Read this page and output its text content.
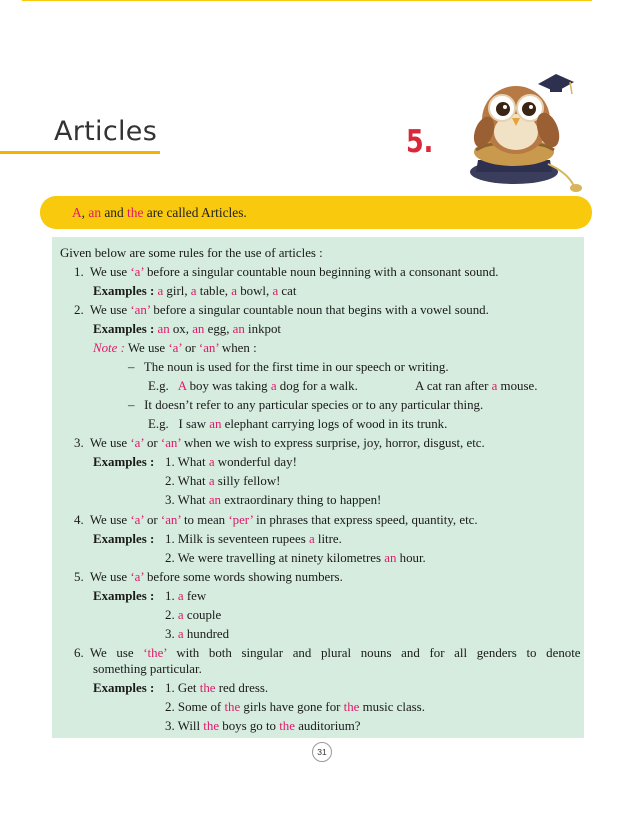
Articles	5.
A, an and the are called Articles.
Given below are some rules for the use of articles :
1. We use ‘a’ before a singular countable noun beginning with a consonant sound.
Examples : a girl, a table, a bowl, a cat
2. We use ‘an’ before a singular countable noun that begins with a vowel sound.
Examples : an ox, an egg, an inkpot
Note : We use ‘a’ or ‘an’ when :
– The noun is used for the first time in our speech or writing.
E.g. A boy was taking a dog for a walk.	A cat ran after a mouse.
– It doesn’t refer to any particular species or to any particular thing.
E.g. I saw an elephant carrying logs of wood in its trunk.
3. We use ‘a’ or ‘an’ when we wish to express surprise, joy, horror, disgust, etc.
Examples : 1. What a wonderful day!
2. What a silly fellow!
3. What an extraordinary thing to happen!
4. We use ‘a’ or ‘an’ to mean ‘per’ in phrases that express speed, quantity, etc.
Examples : 1. Milk is seventeen rupees a litre.
2. We were travelling at ninety kilometres an hour.
5. We use ‘a’ before some words showing numbers.
Examples : 1. a few
2. a couple
3. a hundred
6. We   use   ‘the’   with   both   singular   and   plural   nouns   and   for   all   genders   to   denote
something particular.
Examples : 1. Get the red dress.
2. Some of the girls have gone for the music class.
3. Will the boys go to the auditorium?
31
